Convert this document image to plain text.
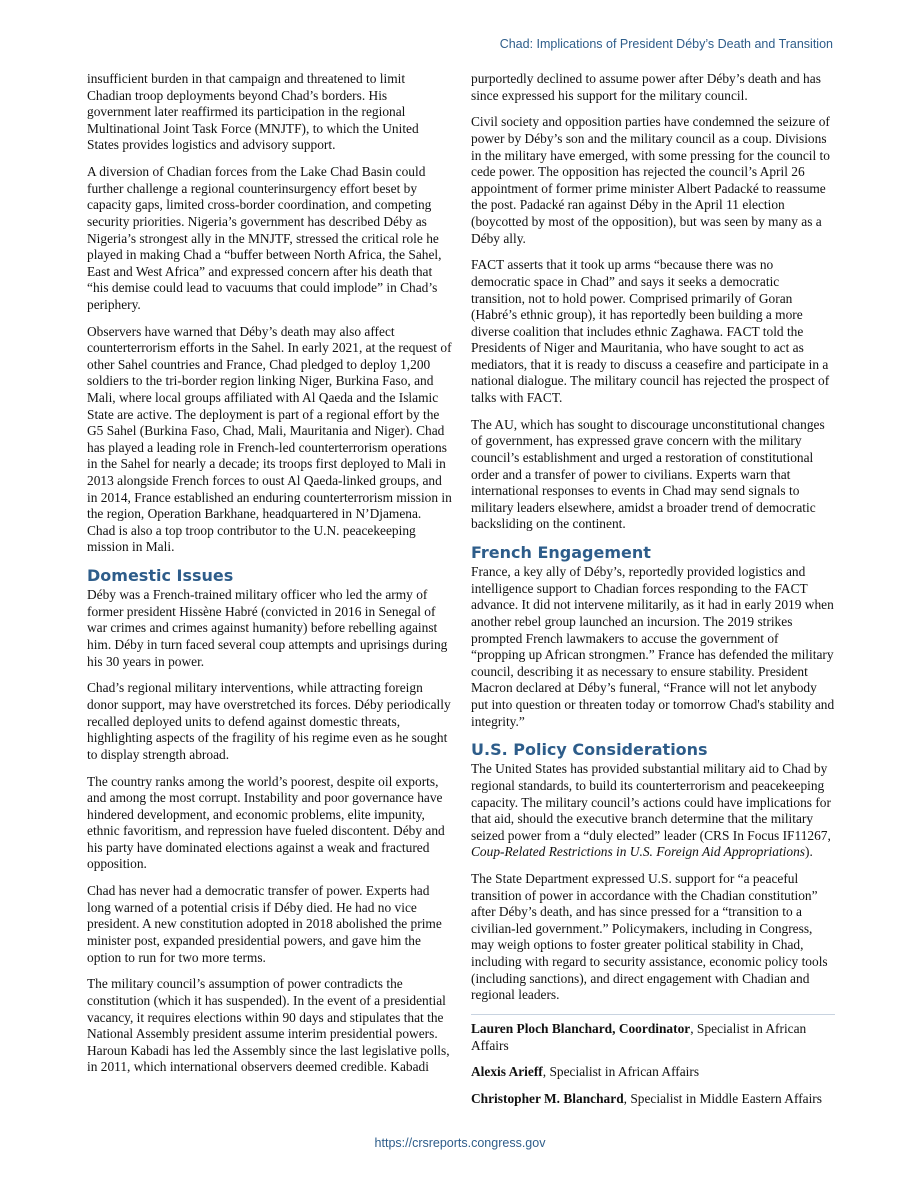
Chad: Implications of President Déby’s Death and Transition

insufficient burden in that campaign and threatened to limit Chadian troop deployments beyond Chad’s borders. His government later reaffirmed its participation in the regional Multinational Joint Task Force (MNJTF), to which the United States provides logistics and advisory support.

A diversion of Chadian forces from the Lake Chad Basin could further challenge a regional counterinsurgency effort beset by capacity gaps, limited cross-border coordination, and competing security priorities. Nigeria’s government has described Déby as Nigeria’s strongest ally in the MNJTF, stressed the critical role he played in making Chad a “buffer between North Africa, the Sahel, East and West Africa” and expressed concern after his death that “his demise could lead to vacuums that could implode” in Chad’s periphery.

Observers have warned that Déby’s death may also affect counterterrorism efforts in the Sahel. In early 2021, at the request of other Sahel countries and France, Chad pledged to deploy 1,200 soldiers to the tri-border region linking Niger, Burkina Faso, and Mali, where local groups affiliated with Al Qaeda and the Islamic State are active. The deployment is part of a regional effort by the G5 Sahel (Burkina Faso, Chad, Mali, Mauritania and Niger). Chad has played a leading role in French-led counterterrorism operations in the Sahel for nearly a decade; its troops first deployed to Mali in 2013 alongside French forces to oust Al Qaeda-linked groups, and in 2014, France established an enduring counterterrorism mission in the region, Operation Barkhane, headquartered in N’Djamena. Chad is also a top troop contributor to the U.N. peacekeeping mission in Mali.

Domestic Issues

Déby was a French-trained military officer who led the army of former president Hissène Habré (convicted in 2016 in Senegal of war crimes and crimes against humanity) before rebelling against him. Déby in turn faced several coup attempts and uprisings during his 30 years in power.

Chad’s regional military interventions, while attracting foreign donor support, may have overstretched its forces. Déby periodically recalled deployed units to defend against domestic threats, highlighting aspects of the fragility of his regime even as he sought to display strength abroad.

The country ranks among the world’s poorest, despite oil exports, and among the most corrupt. Instability and poor governance have hindered development, and economic problems, elite impunity, ethnic favoritism, and repression have fueled discontent. Déby and his party have dominated elections against a weak and fractured opposition.

Chad has never had a democratic transfer of power. Experts had long warned of a potential crisis if Déby died. He had no vice president. A new constitution adopted in 2018 abolished the prime minister post, expanded presidential powers, and gave him the option to run for two more terms.

The military council’s assumption of power contradicts the constitution (which it has suspended). In the event of a presidential vacancy, it requires elections within 90 days and stipulates that the National Assembly president assume interim presidential powers. Haroun Kabadi has led the Assembly since the last legislative polls, in 2011, which international observers deemed credible. Kabadi

purportedly declined to assume power after Déby’s death and has since expressed his support for the military council.

Civil society and opposition parties have condemned the seizure of power by Déby’s son and the military council as a coup. Divisions in the military have emerged, with some pressing for the council to cede power. The opposition has rejected the council’s April 26 appointment of former prime minister Albert Padacké to reassume the post. Padacké ran against Déby in the April 11 election (boycotted by most of the opposition), but was seen by many as a Déby ally.

FACT asserts that it took up arms “because there was no democratic space in Chad” and says it seeks a democratic transition, not to hold power. Comprised primarily of Goran (Habré’s ethnic group), it has reportedly been building a more diverse coalition that includes ethnic Zaghawa. FACT told the Presidents of Niger and Mauritania, who have sought to act as mediators, that it is ready to discuss a ceasefire and participate in a national dialogue. The military council has rejected the prospect of talks with FACT.

The AU, which has sought to discourage unconstitutional changes of government, has expressed grave concern with the military council’s establishment and urged a restoration of constitutional order and a transfer of power to civilians. Experts warn that international responses to events in Chad may send signals to military leaders elsewhere, amidst a broader trend of democratic backsliding on the continent.

French Engagement

France, a key ally of Déby’s, reportedly provided logistics and intelligence support to Chadian forces responding to the FACT advance. It did not intervene militarily, as it had in early 2019 when another rebel group launched an incursion. The 2019 strikes prompted French lawmakers to accuse the government of “propping up African strongmen.” France has defended the military council, describing it as necessary to ensure stability. President Macron declared at Déby’s funeral, “France will not let anybody put into question or threaten today or tomorrow Chad's stability and integrity.”

U.S. Policy Considerations

The United States has provided substantial military aid to Chad by regional standards, to build its counterterrorism and peacekeeping capacity. The military council’s actions could have implications for that aid, should the executive branch determine that the military seized power from a “duly elected” leader (CRS In Focus IF11267, Coup-Related Restrictions in U.S. Foreign Aid Appropriations).

The State Department expressed U.S. support for “a peaceful transition of power in accordance with the Chadian constitution” after Déby’s death, and has since pressed for a “transition to a civilian-led government.” Policymakers, including in Congress, may weigh options to foster greater political stability in Chad, including with regard to security assistance, economic policy tools (including sanctions), and direct engagement with Chadian and regional leaders.

Lauren Ploch Blanchard, Coordinator, Specialist in African Affairs

Alexis Arieff, Specialist in African Affairs

Christopher M. Blanchard, Specialist in Middle Eastern Affairs

https://crsreports.congress.gov
